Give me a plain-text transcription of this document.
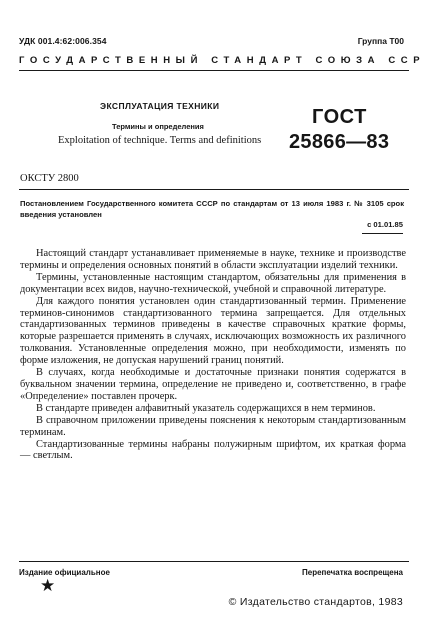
УДК 001.4:62:006.354	Группа Т00
ГОСУДАРСТВЕННЫЙ СТАНДАРТ СОЮЗА ССР
ЭКСПЛУАТАЦИЯ ТЕХНИКИ
Термины и определения
Exploitation of technique. Terms and definitions
ГОСТ
25866—83
ОКСТУ 2800
Постановлением Государственного комитета СССР по стандартам от 13 июля 1983 г. № 3105 срок введения установлен
с 01.01.85

Настоящий стандарт устанавливает применяемые в науке, технике и производстве термины и определения основных понятий в области эксплуатации изделий техники.

Термины, установленные настоящим стандартом, обязательны для применения в документации всех видов, научно-технической, учебной и справочной литературе.

Для каждого понятия установлен один стандартизованный термин. Применение терминов-синонимов стандартизованного термина запрещается. Для отдельных стандартизованных терминов приведены в качестве справочных краткие формы, которые разрешается применять в случаях, исключающих возможность их различного толкования. Установленные определения можно, при необходимости, изменять по форме изложения, не допуская нарушений границ понятий.

В случаях, когда необходимые и достаточные признаки понятия содержатся в буквальном значении термина, определение не приведено и, соответственно, в графе «Определение» поставлен прочерк.

В стандарте приведен алфавитный указатель содержащихся в нем терминов.

В справочном приложении приведены пояснения к некоторым стандартизованным терминам.

Стандартизованные термины набраны полужирным шрифтом, их краткая форма — светлым.

Издание официальное	Перепечатка воспрещена
★
© Издательство стандартов, 1983
